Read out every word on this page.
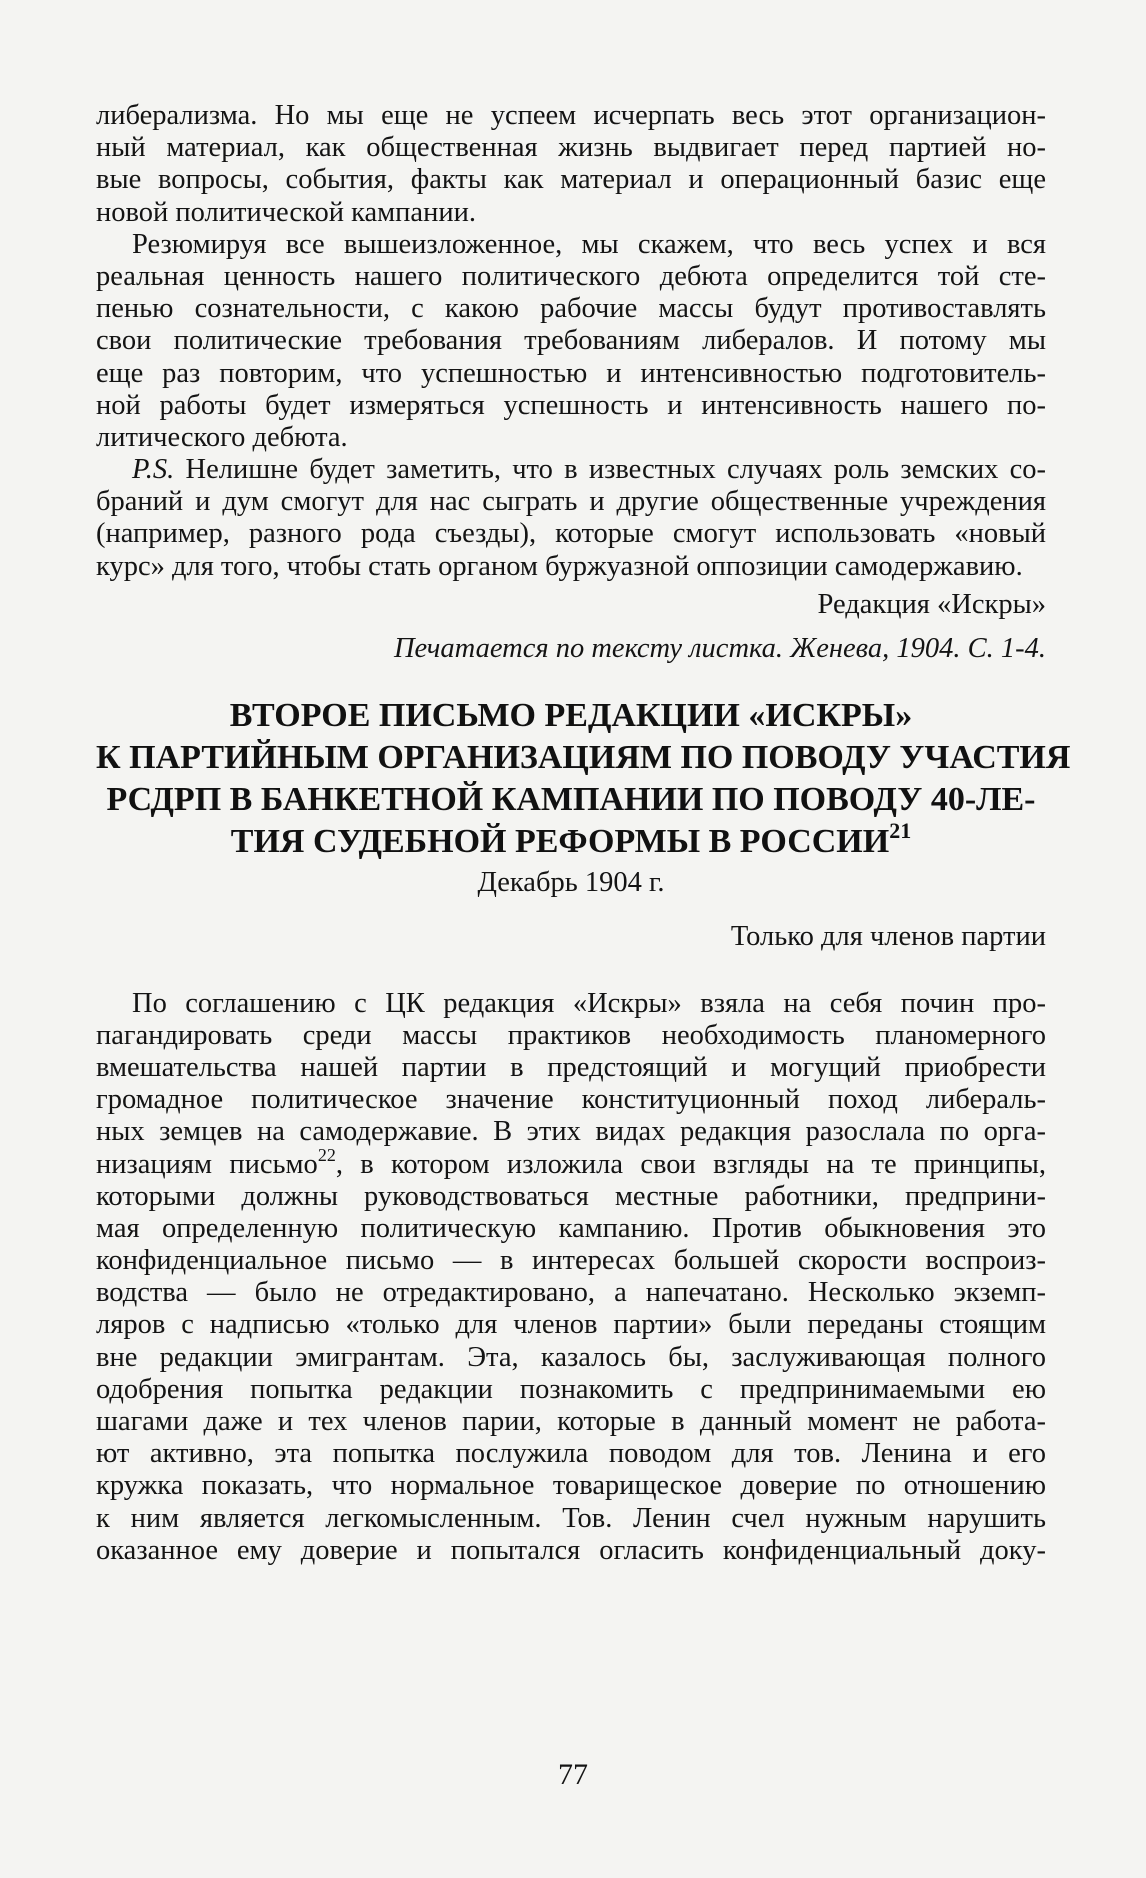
либерализма. Но мы еще не успеем исчерпать весь этот организацион-
ный материал, как общественная жизнь выдвигает перед партией но-
вые вопросы, события, факты как материал и операционный базис еще
новой политической кампании.
Резюмируя все вышеизложенное, мы скажем, что весь успех и вся
реальная ценность нашего политического дебюта определится той сте-
пенью сознательности, с какою рабочие массы будут противоставлять
свои политические требования требованиям либералов. И потому мы
еще раз повторим, что успешностью и интенсивностью подготовитель-
ной работы будет измеряться успешность и интенсивность нашего по-
литического дебюта.
P.S. Нелишне будет заметить, что в известных случаях роль земских со-
браний и дум смогут для нас сыграть и другие общественные учреждения
(например, разного рода съезды), которые смогут использовать «новый
курс» для того, чтобы стать органом буржуазной оппозиции самодержавию.
Редакция «Искры»
Печатается по тексту листка. Женева, 1904. С. 1-4.
ВТОРОЕ ПИСЬМО РЕДАКЦИИ «ИСКРЫ»
К ПАРТИЙНЫМ ОРГАНИЗАЦИЯМ ПО ПОВОДУ УЧАСТИЯ
РСДРП В БАНКЕТНОЙ КАМПАНИИ ПО ПОВОДУ 40-ЛЕ-
ТИЯ СУДЕБНОЙ РЕФОРМЫ В РОССИИ$^{21}$
Декабрь 1904 г.
Только для членов партии
По соглашению с ЦК редакция «Искры» взяла на себя почин про-
пагандировать среди массы практиков необходимость планомерного
вмешательства нашей партии в предстоящий и могущий приобрести
громадное политическое значение конституционный поход либераль-
ных земцев на самодержавие. В этих видах редакция разослала по орга-
низациям письмо$^{22}$, в котором изложила свои взгляды на те принципы,
которыми должны руководствоваться местные работники, предприни-
мая определенную политическую кампанию. Против обыкновения это
конфиденциальное письмо — в интересах большей скорости воспроиз-
водства — было не отредактировано, а напечатано. Несколько экземп-
ляров с надписью «только для членов партии» были переданы стоящим
вне редакции эмигрантам. Эта, казалось бы, заслуживающая полного
одобрения попытка редакции познакомить с предпринимаемыми ею
шагами даже и тех членов парии, которые в данный момент не работа-
ют активно, эта попытка послужила поводом для тов. Ленина и его
кружка показать, что нормальное товарищеское доверие по отношению
к ним является легкомысленным. Тов. Ленин счел нужным нарушить
оказанное ему доверие и попытался огласить конфиденциальный доку-
77
